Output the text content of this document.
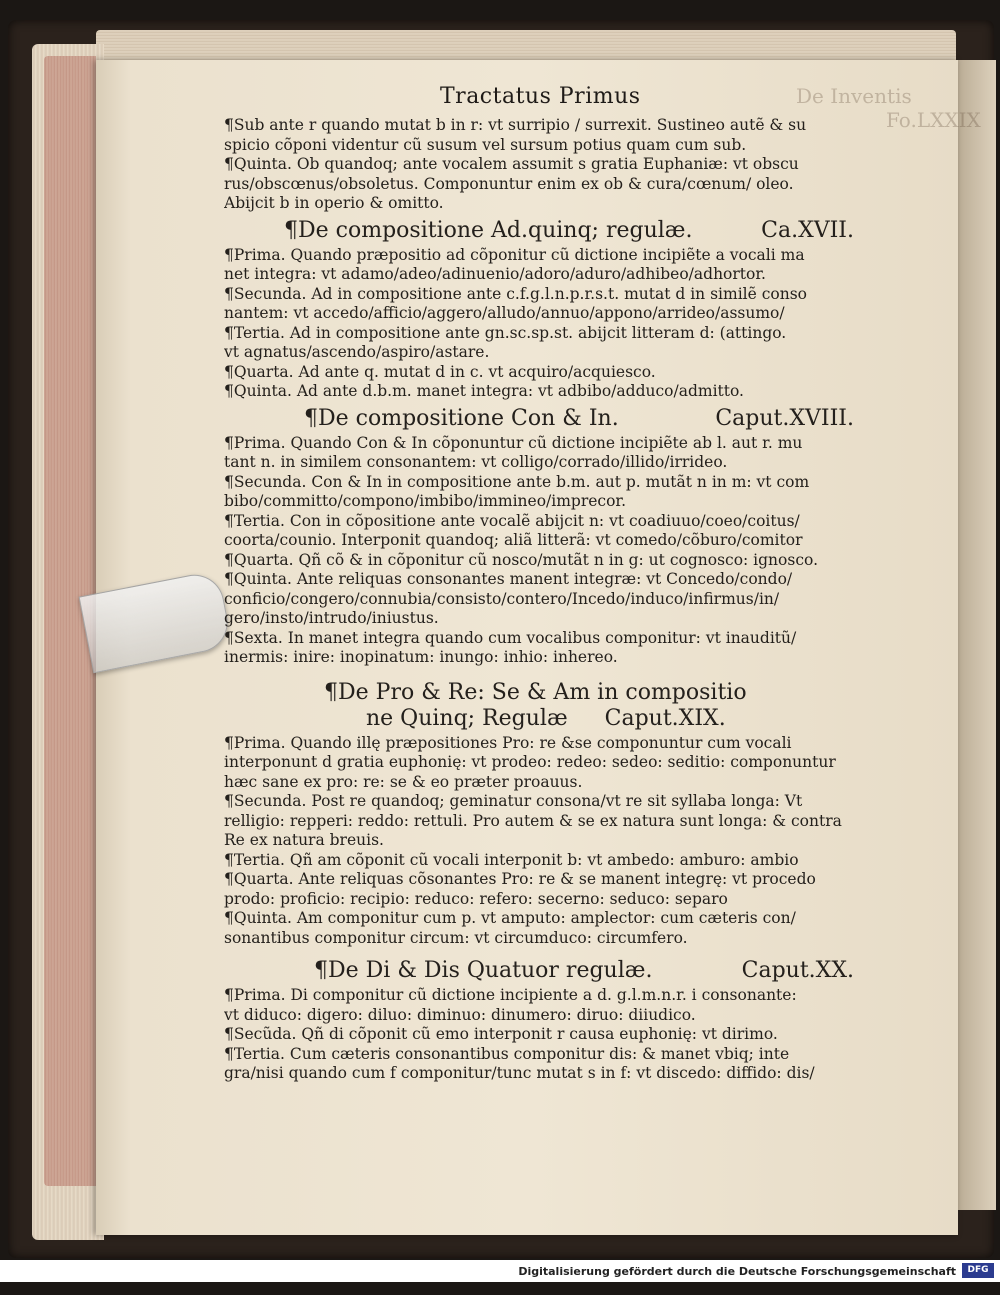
De Inventis
Fo.LXXIX
Tractatus Primus

¶Sub ante r quando mutat b in r: vt surripio / surrexit. Sustineo autẽ & su

spicio cõponi videntur cũ susum vel sursum potius quam cum sub.

¶Quinta. Ob quandoq; ante vocalem assumit s gratia Euphaniæ: vt obscu

rus/obscœnus/obsoletus. Componuntur enim ex ob & cura/cœnum/ oleo.

Abijcit b in operio & omitto.

¶De compositione Ad.quinq; regulæ.	Ca.XVII.

¶Prima. Quando præpositio ad cõponitur cũ dictione incipiẽte a vocali ma

net integra: vt adamo/adeo/adinuenio/adoro/aduro/adhibeo/adhortor.

¶Secunda. Ad in compositione ante c.f.g.l.n.p.r.s.t. mutat d in similẽ conso

nantem: vt accedo/afficio/aggero/alludo/annuo/appono/arrideo/assumo/

¶Tertia. Ad in compositione ante gn.sc.sp.st. abijcit litteram d: (attingo.

vt agnatus/ascendo/aspiro/astare.

¶Quarta. Ad ante q. mutat d in c. vt acquiro/acquiesco.

¶Quinta. Ad ante d.b.m. manet integra: vt adbibo/adduco/admitto.

¶De compositione Con & In.	Caput.XVIII.

¶Prima. Quando Con & In cõponuntur cũ dictione incipiẽte ab l. aut r. mu

tant n. in similem consonantem: vt colligo/corrado/illido/irrideo.

¶Secunda. Con & In in compositione ante b.m. aut p. mutãt n in m: vt com

bibo/committo/compono/imbibo/immineo/imprecor.

¶Tertia. Con in cõpositione ante vocalẽ abijcit n: vt coadiuuo/coeo/coitus/

coorta/counio. Interponit quandoq; aliã litterã: vt comedo/cõburo/comitor

¶Quarta. Qñ cõ & in cõponitur cũ nosco/mutãt n in g: ut cognosco: ignosco.

¶Quinta. Ante reliquas consonantes manent integræ: vt Concedo/condo/

conficio/congero/connubia/consisto/contero/Incedo/induco/infirmus/in/

gero/insto/intrudo/iniustus.

¶Sexta. In manet integra quando cum vocalibus componitur: vt inauditũ/

inermis: inire: inopinatum: inungo: inhio: inhereo.

¶De Pro & Re: Se & Am in compositio
ne Quinq; Regulæ Caput.XIX.

¶Prima. Quando illę præpositiones Pro: re &se componuntur cum vocali

interponunt d gratia euphonię: vt prodeo: redeo: sedeo: seditio: componuntur

hæc sane ex pro: re: se & eo præter proauus.

¶Secunda. Post re quandoq; geminatur consona/vt re sit syllaba longa: Vt

relligio: repperi: reddo: rettuli. Pro autem & se ex natura sunt longa: & contra

Re ex natura breuis.

¶Tertia. Qñ am cõponit cũ vocali interponit b: vt ambedo: amburo: ambio

¶Quarta. Ante reliquas cõsonantes Pro: re & se manent integrę: vt procedo

prodo: proficio: recipio: reduco: refero: secerno: seduco: separo

¶Quinta. Am componitur cum p. vt amputo: amplector: cum cæteris con/

sonantibus componitur circum: vt circumduco: circumfero.

¶De Di & Dis Quatuor regulæ.	Caput.XX.

¶Prima. Di componitur cũ dictione incipiente a d. g.l.m.n.r. i consonante:

vt diduco: digero: diluo: diminuo: dinumero: diruo: diiudico.

¶Secũda. Qñ di cõponit cũ emo interponit r causa euphonię: vt dirimo.

¶Tertia. Cum cæteris consonantibus componitur dis: & manet vbiq; inte

gra/nisi quando cum f componitur/tunc mutat s in f: vt discedo: diffido: dis/

Digitalisierung gefördert durch die Deutsche Forschungsgemeinschaft	DFG
